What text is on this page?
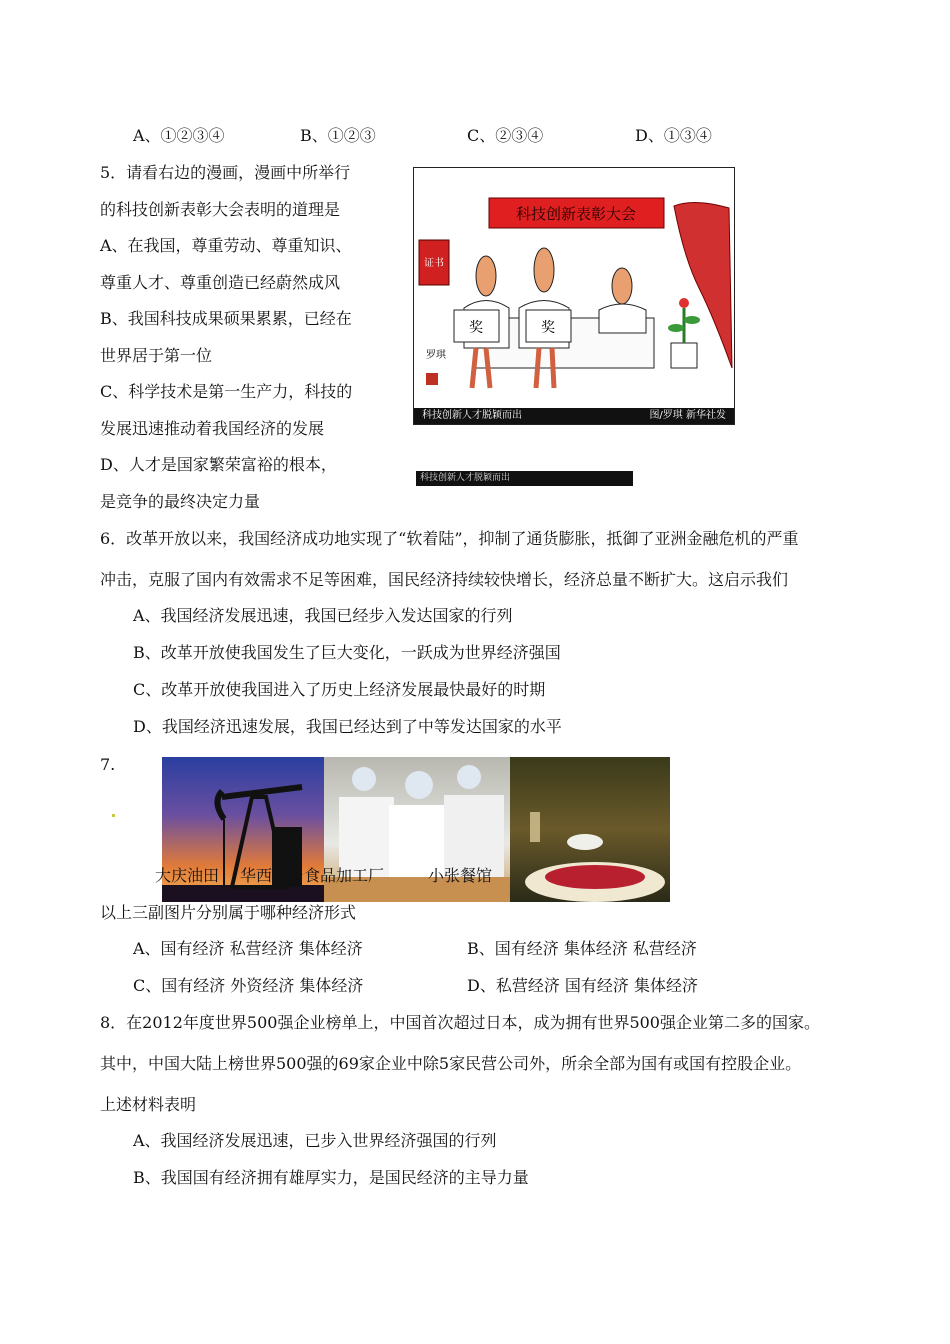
A、①②③④	B、①②③	C、②③④	D、①③④
5．请看右边的漫画，漫画中所举行
的科技创新表彰大会表明的道理是
A、在我国，尊重劳动、尊重知识、
尊重人才、尊重创造已经蔚然成风
B、我国科技成果硕果累累，已经在
世界居于第一位
C、科学技术是第一生产力，科技的
发展迅速推动着我国经济的发展
D、人才是国家繁荣富裕的根本，
是竞争的最终决定力量
科技创新表彰大会
证书
奖	奖
罗琪
科技创新人才脱颖而出	图/罗琪 新华社发
科技创新人才脱颖而出
6．改革开放以来，我国经济成功地实现了“软着陆”，抑制了通货膨胀，抵御了亚洲金融危机的严重
冲击，克服了国内有效需求不足等困难，国民经济持续较快增长，经济总量不断扩大。这启示我们
A、我国经济发展迅速，我国已经步入发达国家的行列
B、改革开放使我国发生了巨大变化，一跃成为世界经济强国
C、改革开放使我国进入了历史上经济发展最快最好的时期
D、我国经济迅速发展，我国已经达到了中等发达国家的水平
7.
大庆油田 华西村乡食品加工厂	小张餐馆
以上三副图片分别属于哪种经济形式
A、国有经济 私营经济 集体经济	B、国有经济 集体经济 私营经济
C、国有经济 外资经济 集体经济	D、私营经济 国有经济 集体经济
8．在2012年度世界500强企业榜单上，中国首次超过日本，成为拥有世界500强企业第二多的国家。
其中，中国大陆上榜世界500强的69家企业中除5家民营公司外，所余全部为国有或国有控股企业。
上述材料表明
A、我国经济发展迅速，已步入世界经济强国的行列
B、我国国有经济拥有雄厚实力，是国民经济的主导力量
